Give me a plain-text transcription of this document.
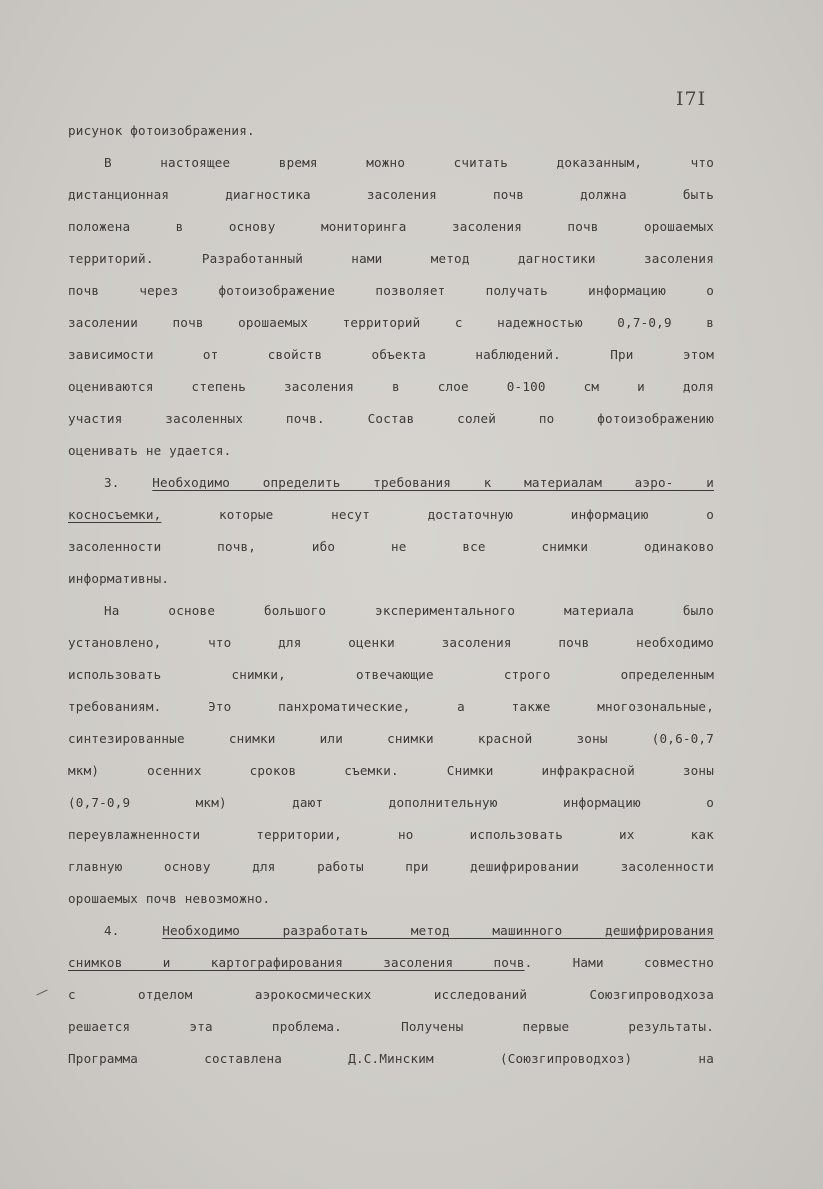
I7I
рисунок фотоизображения.
В настоящее время можно считать доказанным, что
дистанционная диагностика засоления почв должна быть
положена в основу мониторинга засоления почв орошаемых
территорий. Разработанный нами метод дагностики засоления
почв через фотоизображение позволяет получать информацию о
засолении почв орошаемых территорий с надежностью 0,7-0,9 в
зависимости от свойств объекта наблюдений. При этом
оцениваются степень засоления в слое 0-100 см и доля
участия засоленных почв. Состав солей по фотоизображению
оценивать не удается.
3.	Необходимо определить требования к материалам аэро- и
косносъемки, которые несут достаточную информацию о
засоленности почв, ибо не все снимки одинаково
информативны.
На основе большого экспериментального материала было
установлено, что для оценки засоления почв необходимо
использовать снимки, отвечающие строго определенным
требованиям. Это панхроматические, а также многозональные,
синтезированные снимки или снимки красной зоны (0,6-0,7
мкм) осенних сроков съемки. Снимки инфракрасной зоны
(0,7-0,9 мкм) дают дополнительную информацию о
переувлажненности территории, но использовать их как
главную основу для работы при дешифрировании засоленности
орошаемых почв невозможно.
4.	Необходимо разработать метод машинного дешифрирования
снимков и картографирования засоления почв. Нами совместно
с отделом аэрокосмических исследований Союзгипроводхоза
решается эта проблема. Получены первые результаты.
Программа составлена Д.С.Минским (Союзгипроводхоз) на
